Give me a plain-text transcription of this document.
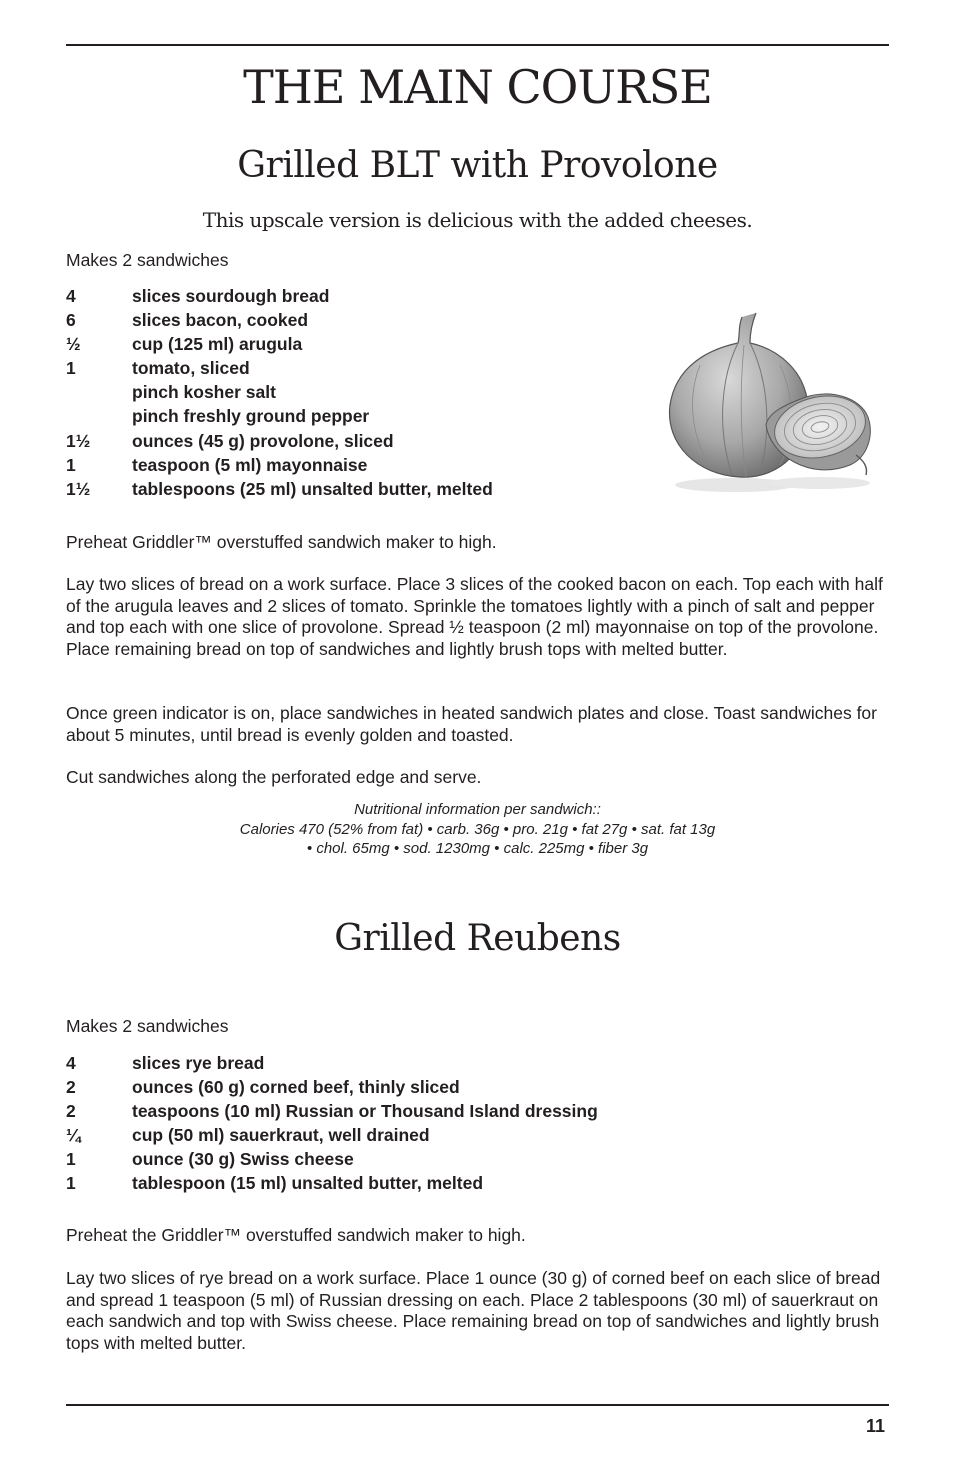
THE MAIN COURSE
Grilled BLT with Provolone

This upscale version is delicious with the added cheeses.

Makes 2 sandwiches

4	slices sourdough bread
6	slices bacon, cooked
½	cup (125 ml) arugula
1	tomato, sliced
pinch kosher salt
pinch freshly ground pepper
1½ ounces (45 g) provolone, sliced
1	teaspoon (5 ml) mayonnaise
1½ tablespoons (25 ml) unsalted butter, melted

Preheat Griddler™ overstuffed sandwich maker to high.

Lay two slices of bread on a work surface. Place 3 slices of the cooked bacon on each. Top each with half of the arugula leaves and 2 slices of tomato. Sprinkle the tomatoes lightly with a pinch of salt and pepper and top each with one slice of provolone. Spread ½ teaspoon (2 ml) mayonnaise on top of the provolone. Place remaining bread on top of sandwiches and lightly brush tops with melted butter.

Once green indicator is on, place sandwiches in heated sandwich plates and close. Toast sandwiches for about 5 minutes, until bread is evenly golden and toasted.

Cut sandwiches along the perforated edge and serve.

Nutritional information per sandwich::
Calories 470 (52% from fat) • carb. 36g • pro. 21g • fat 27g • sat. fat 13g
• chol. 65mg • sod. 1230mg • calc. 225mg • fiber 3g
Grilled Reubens

Makes 2 sandwiches

4	slices rye bread
2	ounces (60 g) corned beef, thinly sliced
2	teaspoons (10 ml) Russian or Thousand Island dressing
¼	cup (50 ml) sauerkraut, well drained
1	ounce (30 g) Swiss cheese
1	tablespoon (15 ml) unsalted butter, melted

Preheat the Griddler™ overstuffed sandwich maker to high.

Lay two slices of rye bread on a work surface. Place 1 ounce (30 g) of corned beef on each slice of bread and spread 1 teaspoon (5 ml) of Russian dressing on each. Place 2 tablespoons (30 ml) of sauerkraut on each sandwich and top with Swiss cheese. Place remaining bread on top of sandwiches and lightly brush tops with melted butter.

11
